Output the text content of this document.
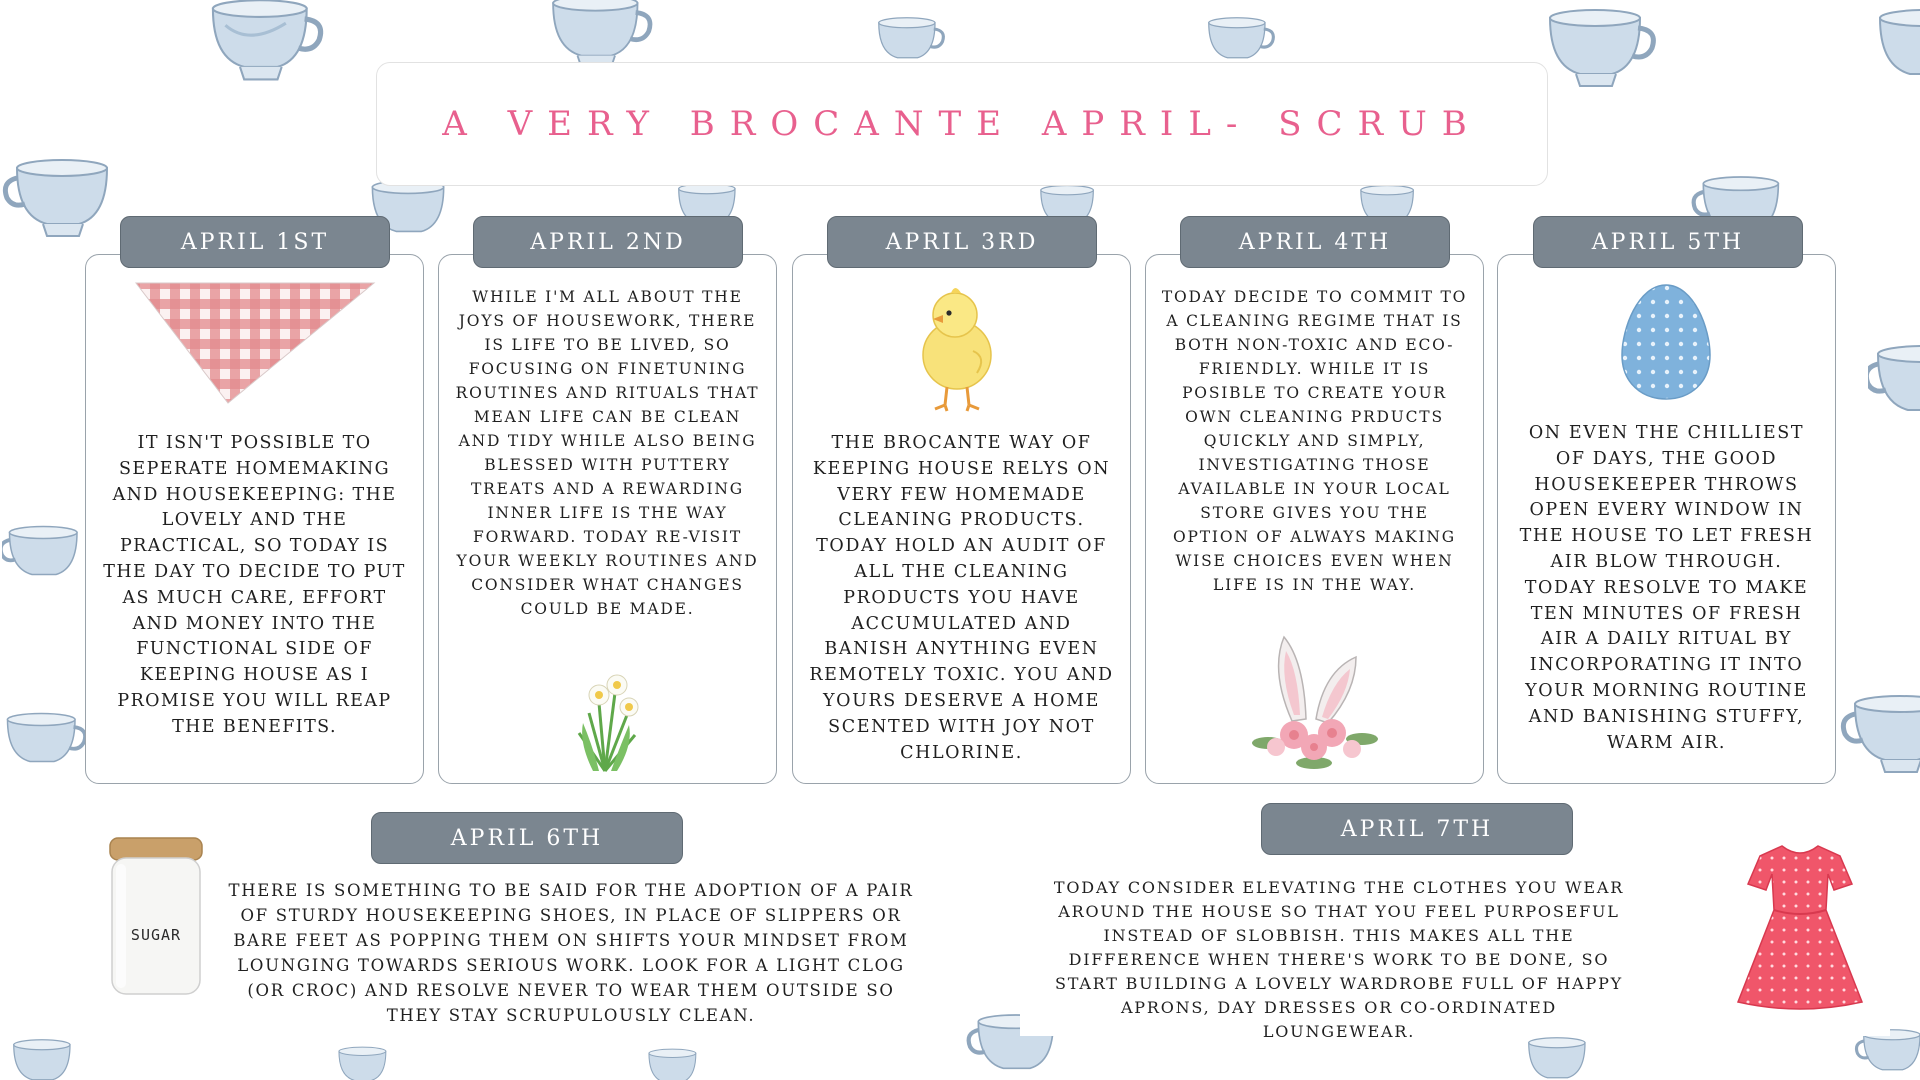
A VERY BROCANTE APRIL- SCRUB
IT ISN'T POSSIBLE TO SEPERATE HOMEMAKING AND HOUSEKEEPING: THE LOVELY AND THE PRACTICAL, SO TODAY IS THE DAY TO DECIDE TO PUT AS MUCH CARE, EFFORT AND MONEY INTO THE FUNCTIONAL SIDE OF KEEPING HOUSE AS I PROMISE YOU WILL REAP THE BENEFITS.
APRIL 1ST
WHILE I'M ALL ABOUT THE JOYS OF HOUSEWORK, THERE IS LIFE TO BE LIVED, SO FOCUSING ON FINETUNING ROUTINES AND RITUALS THAT MEAN LIFE CAN BE CLEAN AND TIDY WHILE ALSO BEING BLESSED WITH PUTTERY TREATS AND A REWARDING INNER LIFE IS THE WAY FORWARD. TODAY RE-VISIT YOUR WEEKLY ROUTINES AND CONSIDER WHAT CHANGES COULD BE MADE.
APRIL 2ND
THE BROCANTE WAY OF KEEPING HOUSE RELYS ON VERY FEW HOMEMADE CLEANING PRODUCTS. TODAY HOLD AN AUDIT OF ALL THE CLEANING PRODUCTS YOU HAVE ACCUMULATED AND BANISH ANYTHING EVEN REMOTELY TOXIC. YOU AND YOURS DESERVE A HOME SCENTED WITH JOY NOT CHLORINE.
APRIL 3RD
TODAY DECIDE TO COMMIT TO A CLEANING REGIME THAT IS BOTH NON-TOXIC AND ECO-FRIENDLY. WHILE IT IS POSIBLE TO CREATE YOUR OWN CLEANING PRDUCTS QUICKLY AND SIMPLY, INVESTIGATING THOSE AVAILABLE IN YOUR LOCAL STORE GIVES YOU THE OPTION OF ALWAYS MAKING WISE CHOICES EVEN WHEN LIFE IS IN THE WAY.
APRIL 4TH
ON EVEN THE CHILLIEST OF DAYS, THE GOOD HOUSEKEEPER THROWS OPEN EVERY WINDOW IN THE HOUSE TO LET FRESH AIR BLOW THROUGH. TODAY RESOLVE TO MAKE TEN MINUTES OF FRESH AIR A DAILY RITUAL BY INCORPORATING IT INTO YOUR MORNING ROUTINE AND BANISHING STUFFY, WARM AIR.
APRIL 5TH
SUGAR
THERE IS SOMETHING TO BE SAID FOR THE ADOPTION OF A PAIR OF STURDY HOUSEKEEPING SHOES, IN PLACE OF SLIPPERS OR BARE FEET AS POPPING THEM ON SHIFTS YOUR MINDSET FROM LOUNGING TOWARDS SERIOUS WORK. LOOK FOR A LIGHT CLOG (OR CROC) AND RESOLVE NEVER TO WEAR THEM OUTSIDE SO THEY STAY SCRUPULOUSLY CLEAN.
APRIL 6TH
TODAY CONSIDER ELEVATING THE CLOTHES YOU WEAR AROUND THE HOUSE SO THAT YOU FEEL PURPOSEFUL INSTEAD OF SLOBBISH. THIS MAKES ALL THE DIFFERENCE WHEN THERE'S WORK TO BE DONE, SO START BUILDING A LOVELY WARDROBE FULL OF HAPPY APRONS, DAY DRESSES OR CO-ORDINATED LOUNGEWEAR.
APRIL 7TH
